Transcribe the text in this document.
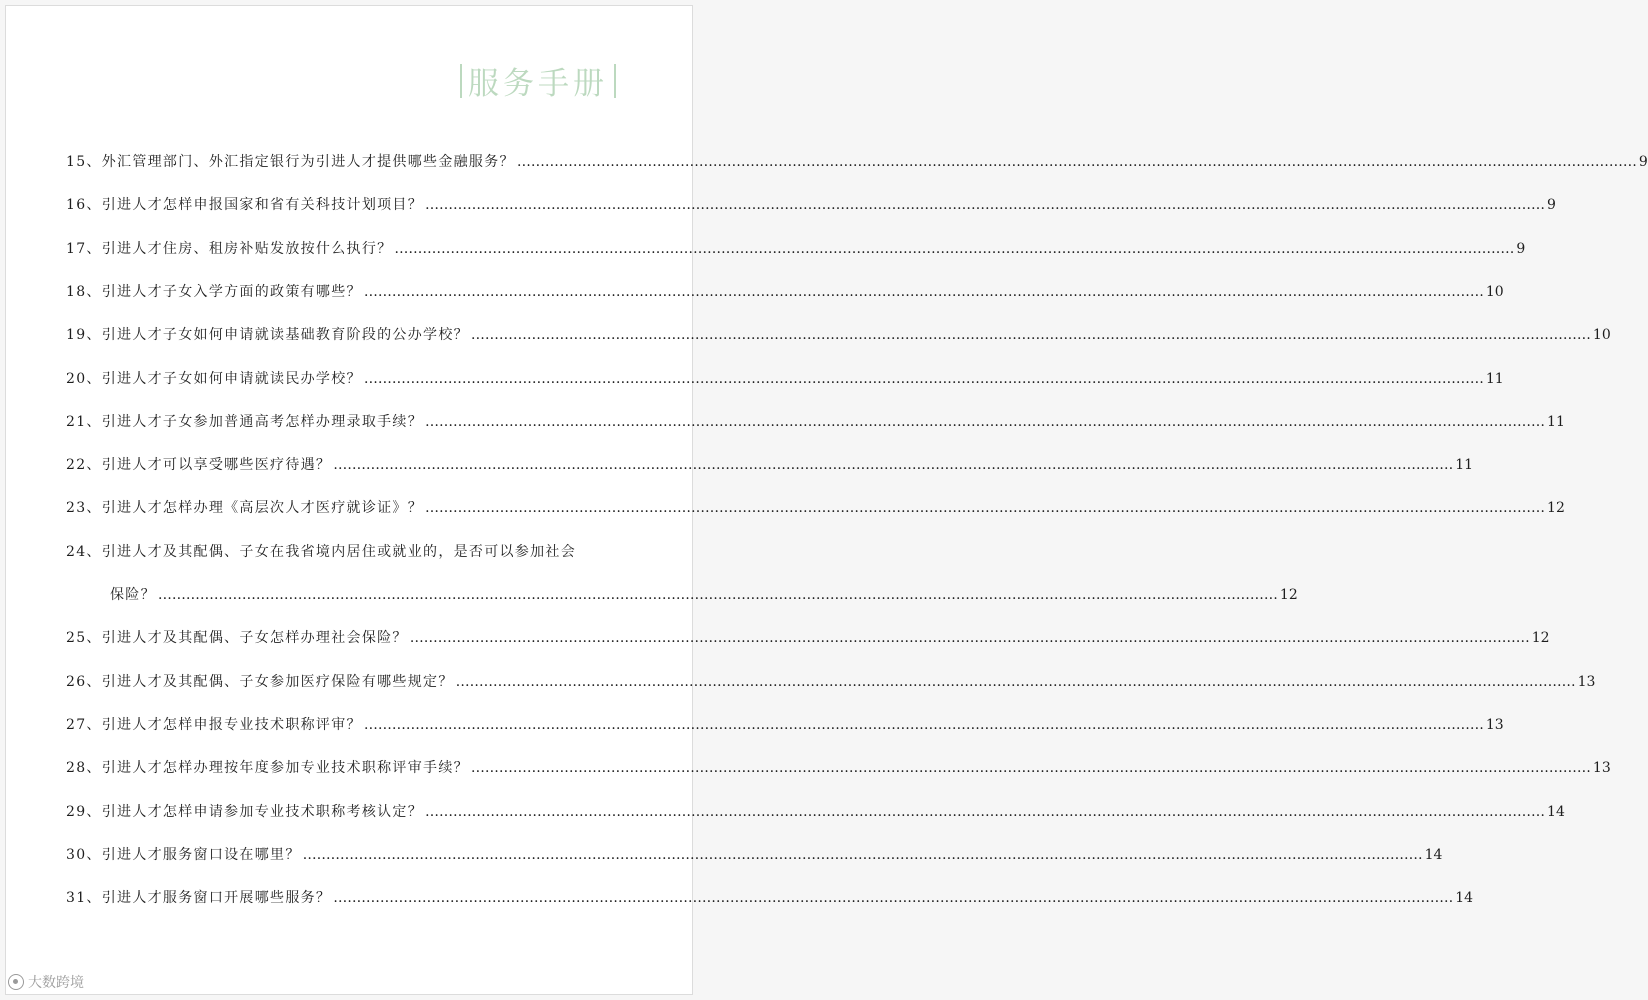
服务手册
15、 外汇管理部门、外汇指定银行为引进人才提供哪些金融服务？ …………………………………………………………………………………………………………………………………………………………………………………………………………………… 9
16、 引进人才怎样申报国家和省有关科技计划项目？ …………………………………………………………………………………………………………………………………………………………………………………………………………………… 9
17、 引进人才住房、租房补贴发放按什么执行？ …………………………………………………………………………………………………………………………………………………………………………………………………………………… 9
18、 引进人才子女入学方面的政策有哪些？ …………………………………………………………………………………………………………………………………………………………………………………………………………………… 10
19、 引进人才子女如何申请就读基础教育阶段的公办学校？ …………………………………………………………………………………………………………………………………………………………………………………………………………………… 10
20、 引进人才子女如何申请就读民办学校？ …………………………………………………………………………………………………………………………………………………………………………………………………………………… 11
21、 引进人才子女参加普通高考怎样办理录取手续？ …………………………………………………………………………………………………………………………………………………………………………………………………………………… 11
22、 引进人才可以享受哪些医疗待遇？ …………………………………………………………………………………………………………………………………………………………………………………………………………………… 11
23、 引进人才怎样办理《高层次人才医疗就诊证》？ …………………………………………………………………………………………………………………………………………………………………………………………………………………… 12
24、 引进人才及其配偶、子女在我省境内居住或就业的，是否可以参加社会
保险？ …………………………………………………………………………………………………………………………………………………………………………………………………………………… 12
25、 引进人才及其配偶、子女怎样办理社会保险？ …………………………………………………………………………………………………………………………………………………………………………………………………………………… 12
26、 引进人才及其配偶、子女参加医疗保险有哪些规定？ …………………………………………………………………………………………………………………………………………………………………………………………………………………… 13
27、 引进人才怎样申报专业技术职称评审？ …………………………………………………………………………………………………………………………………………………………………………………………………………………… 13
28、 引进人才怎样办理按年度参加专业技术职称评审手续？ …………………………………………………………………………………………………………………………………………………………………………………………………………………… 13
29、 引进人才怎样申请参加专业技术职称考核认定？ …………………………………………………………………………………………………………………………………………………………………………………………………………………… 14
30、 引进人才服务窗口设在哪里？ …………………………………………………………………………………………………………………………………………………………………………………………………………………… 14
31、 引进人才服务窗口开展哪些服务？ …………………………………………………………………………………………………………………………………………………………………………………………………………………… 14
大数跨境
